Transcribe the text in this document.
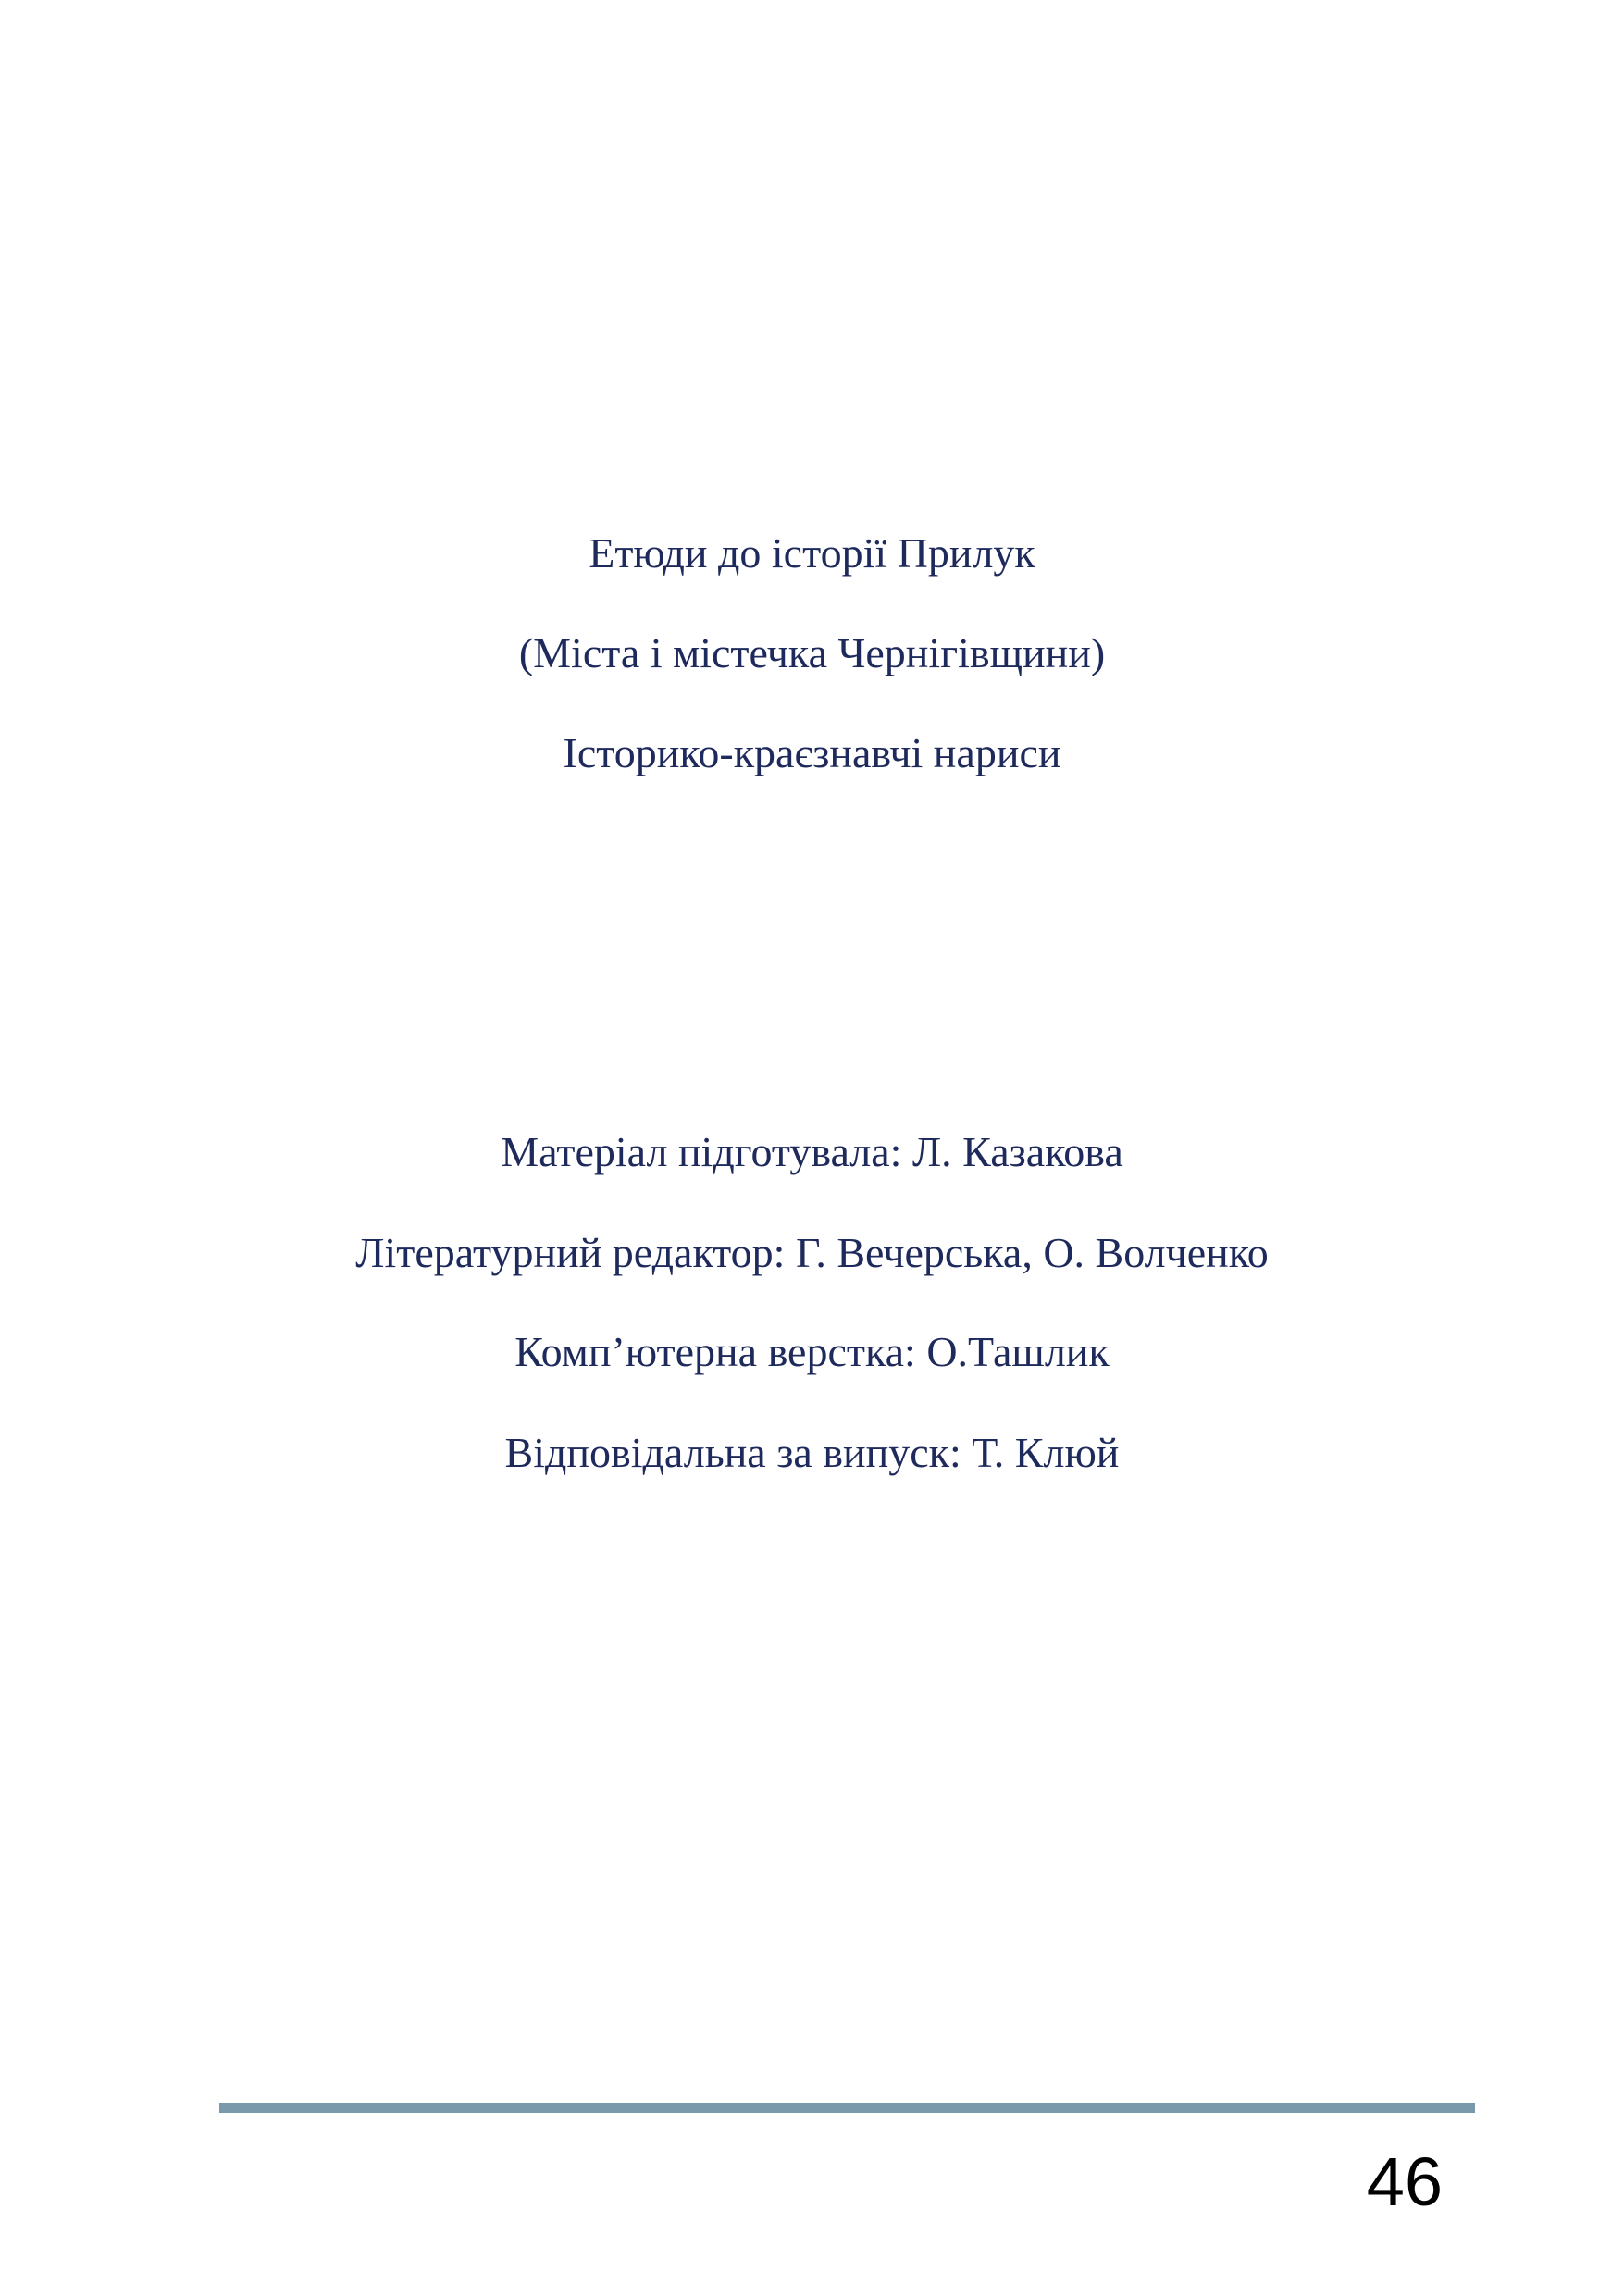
Етюди до історії Прилук
(Міста і містечка Чернігівщини)
Історико-краєзнавчі нариси
Матеріал підготувала: Л. Казакова
Літературний редактор: Г. Вечерська, О. Волченко
Комп’ютерна верстка: О.Ташлик
Відповідальна за випуск: Т. Клюй
46
